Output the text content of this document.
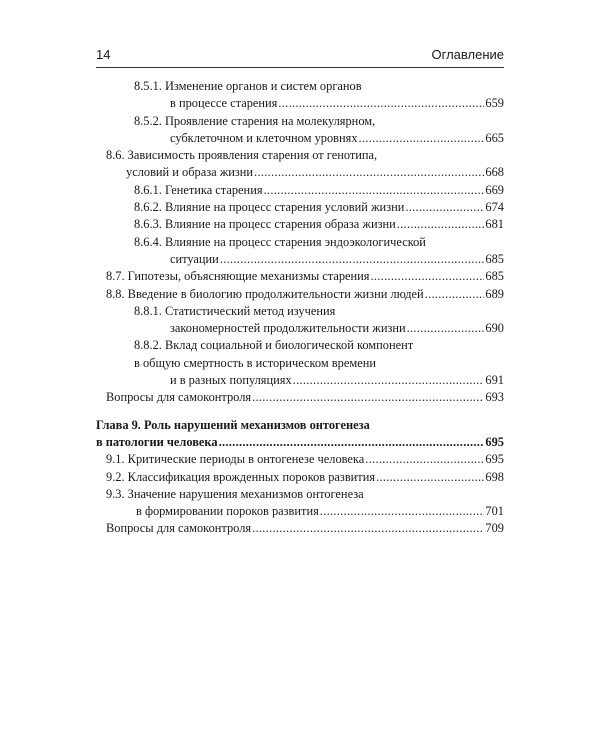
14	Оглавление
8.5.1. Изменение органов и систем органов
в процессе старения .....	659
8.5.2. Проявление старения на молекулярном,
субклеточном и клеточном уровнях .....	665
8.6. Зависимость проявления старения от генотипа,
условий и образа жизни .....	668
8.6.1. Генетика старения .....	669
8.6.2. Влияние на процесс старения условий жизни .....	674
8.6.3. Влияние на процесс старения образа жизни .....	681
8.6.4. Влияние на процесс старения эндоэкологической
ситуации .....	685
8.7. Гипотезы, объясняющие механизмы старения .....	685
8.8. Введение в биологию продолжительности жизни людей .....	689
8.8.1. Статистический метод изучения
закономерностей продолжительности жизни .....	690
8.8.2. Вклад социальной и биологической компонент
в общую смертность в историческом времени
и в разных популяциях .....	691
Вопросы для самоконтроля .....	693
Глава 9. Роль нарушений механизмов онтогенеза
в патологии человека .....	695
9.1. Критические периоды в онтогенезе человека .....	695
9.2. Классификация врожденных пороков развития .....	698
9.3. Значение нарушения механизмов онтогенеза
в формировании пороков развития .....	701
Вопросы для самоконтроля .....	709
